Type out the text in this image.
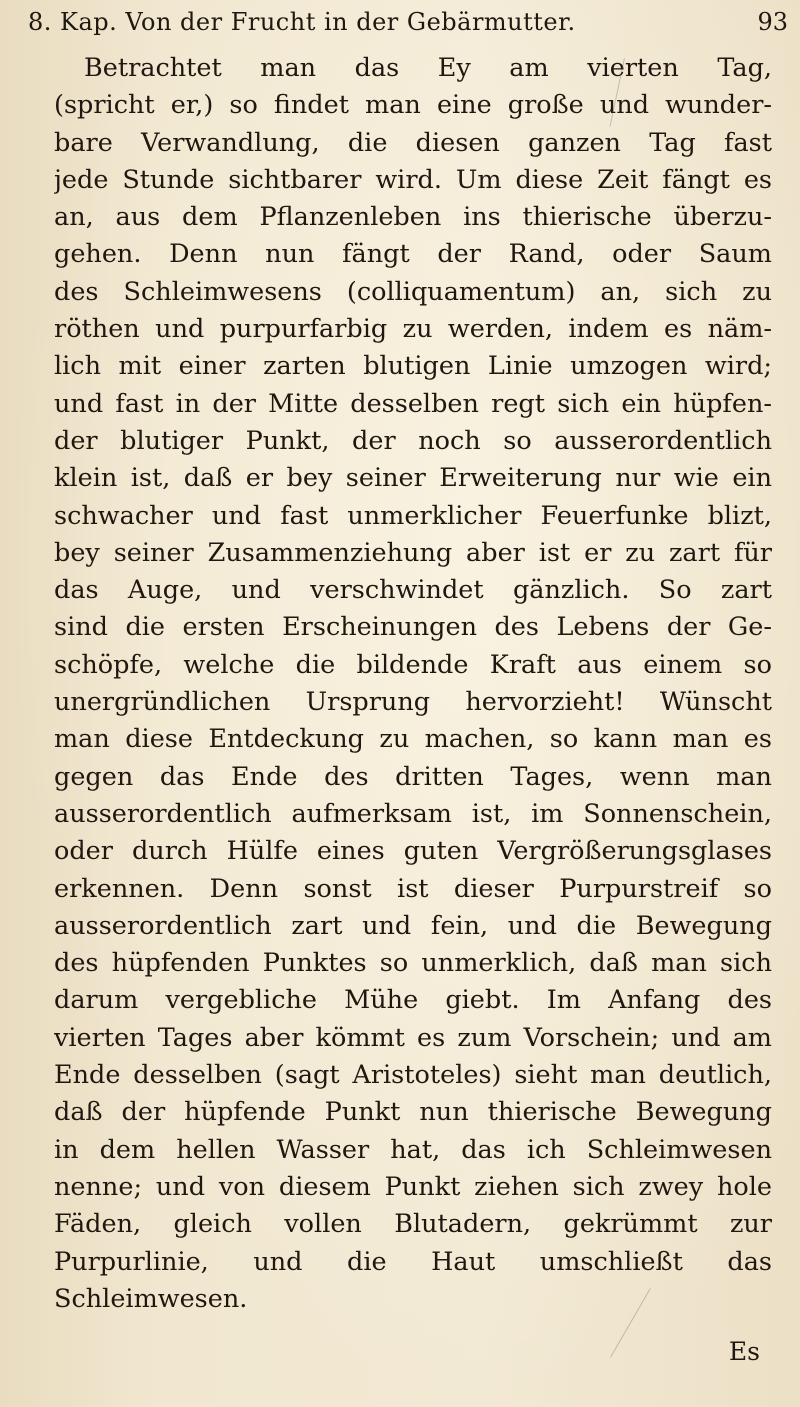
8. Kap. Von der Frucht in der Gebärmutter.	93
Betrachtet man das Ey am vierten Tag,
(spricht er,) so findet man eine große und wunder-
bare Verwandlung, die diesen ganzen Tag fast
jede Stunde sichtbarer wird. Um diese Zeit fängt es
an, aus dem Pflanzenleben ins thierische überzu-
gehen. Denn nun fängt der Rand, oder Saum
des Schleimwesens (colliquamentum) an, sich zu
röthen und purpurfarbig zu werden, indem es näm-
lich mit einer zarten blutigen Linie umzogen wird;
und fast in der Mitte desselben regt sich ein hüpfen-
der blutiger Punkt, der noch so ausserordentlich
klein ist, daß er bey seiner Erweiterung nur wie ein
schwacher und fast unmerklicher Feuerfunke blizt,
bey seiner Zusammenziehung aber ist er zu zart für
das Auge, und verschwindet gänzlich. So zart
sind die ersten Erscheinungen des Lebens der Ge-
schöpfe, welche die bildende Kraft aus einem so
unergründlichen Ursprung hervorzieht! Wünscht
man diese Entdeckung zu machen, so kann man es
gegen das Ende des dritten Tages, wenn man
ausserordentlich aufmerksam ist, im Sonnenschein,
oder durch Hülfe eines guten Vergrößerungsglases
erkennen. Denn sonst ist dieser Purpurstreif so
ausserordentlich zart und fein, und die Bewegung
des hüpfenden Punktes so unmerklich, daß man sich
darum vergebliche Mühe giebt. Im Anfang des
vierten Tages aber kömmt es zum Vorschein; und am
Ende desselben (sagt Aristoteles) sieht man deutlich,
daß der hüpfende Punkt nun thierische Bewegung
in dem hellen Wasser hat, das ich Schleimwesen
nenne; und von diesem Punkt ziehen sich zwey hole
Fäden, gleich vollen Blutadern, gekrümmt zur
Purpurlinie, und die Haut umschließt das
Schleimwesen.
Es
